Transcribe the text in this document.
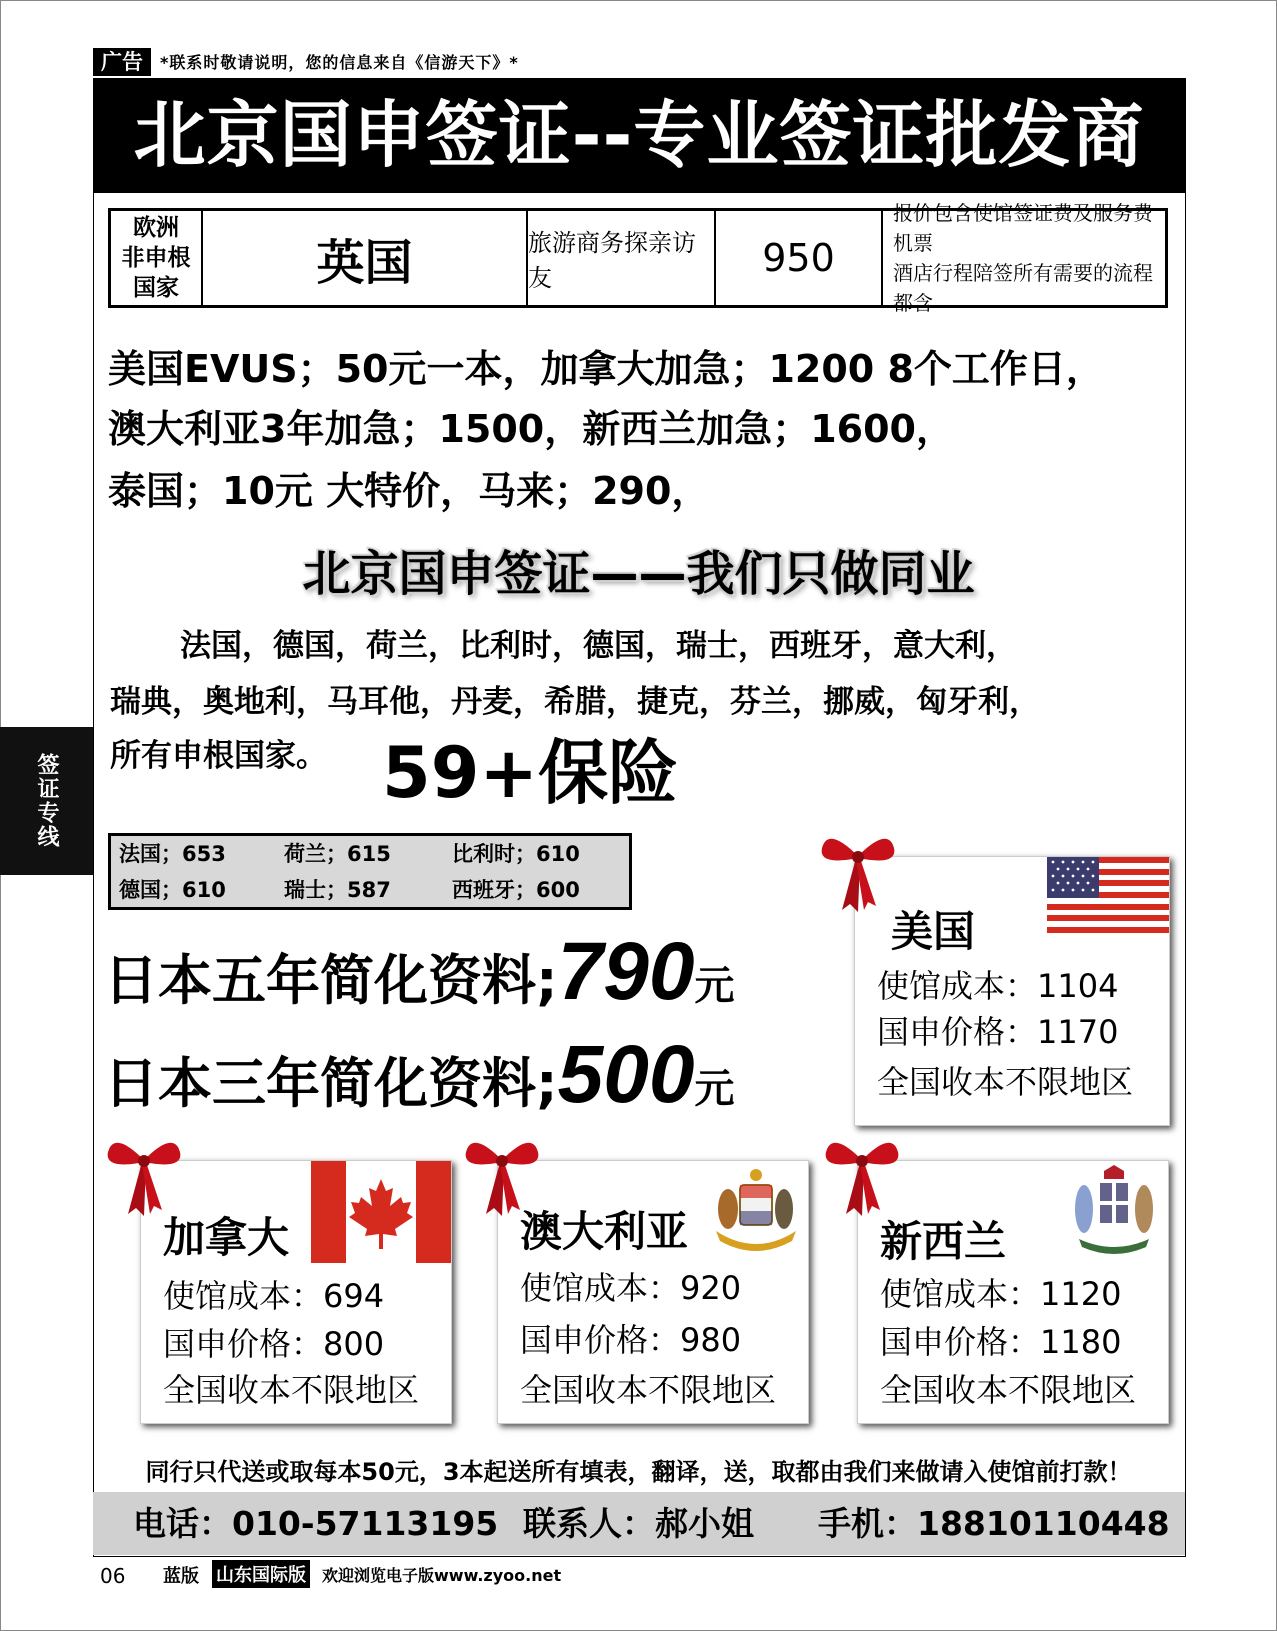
广告	*联系时敬请说明，您的信息来自《信游天下》*
北京国申签证--专业签证批发商
欧洲
非申根
国家	英国	旅游商务探亲访友	950
报价包含使馆签证费及服务费机票
酒店行程陪签所有需要的流程都含
美国EVUS；50元一本，加拿大加急；1200 8个工作日，
澳大利亚3年加急；1500，新西兰加急；1600，
泰国；10元 大特价，马来；290，
北京国申签证——我们只做同业
法国，德国，荷兰，比利时，德国，瑞士，西班牙，意大利，
瑞典，奥地利，马耳他，丹麦，希腊，捷克，芬兰，挪威，匈牙利，
所有申根国家。 59+保险
法国；653	荷兰；615	比利时；610
德国；610	瑞士；587	西班牙；600
日本五年简化资料;790元
日本三年简化资料;500元
美国
使馆成本：1104
国申价格：1170
全国收本不限地区
加拿大
使馆成本：694
国申价格：800
全国收本不限地区
澳大利亚
使馆成本：920
国申价格：980
全国收本不限地区
新西兰
使馆成本：1120
国申价格：1180
全国收本不限地区
同行只代送或取每本50元，3本起送所有填表，翻译，送，取都由我们来做请入使馆前打款！
电话：010-57113195 联系人：郝小姐 手机：18810110448
06 蓝版 山东国际版 欢迎浏览电子版www.zyoo.net
签证专线
